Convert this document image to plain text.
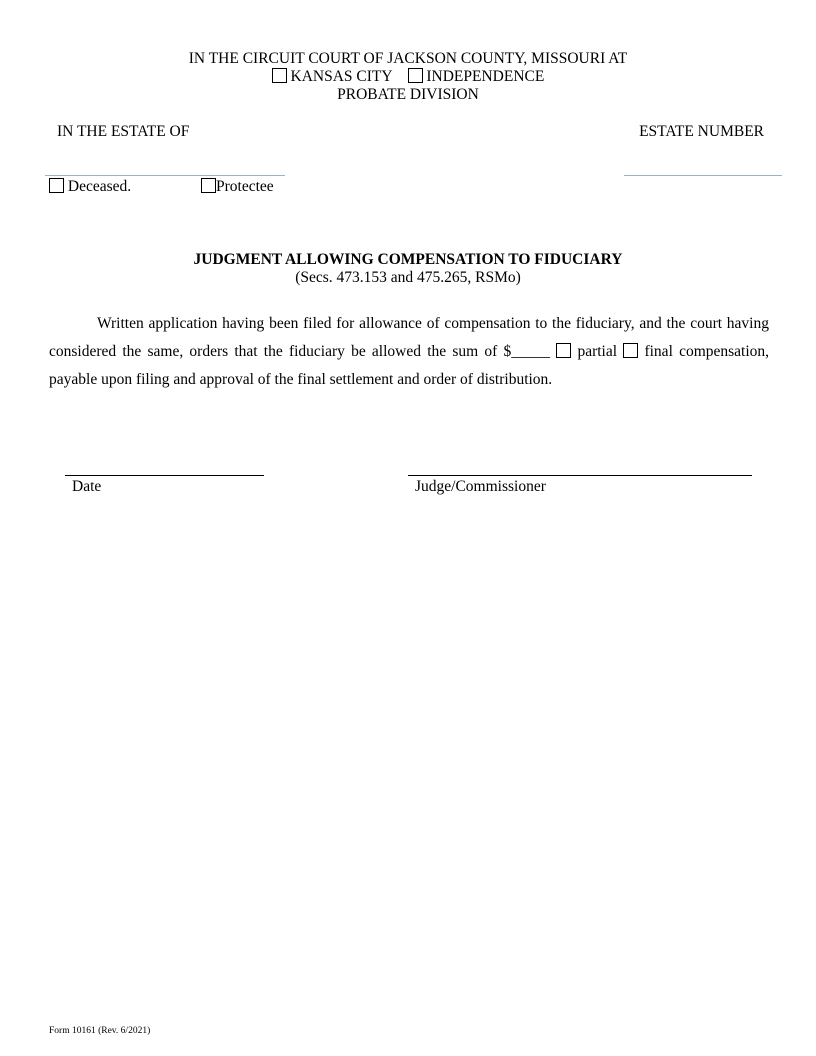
IN THE CIRCUIT COURT OF JACKSON COUNTY, MISSOURI AT
KANSAS CITY INDEPENDENCE
PROBATE DIVISION
IN THE ESTATE OF	ESTATE NUMBER
Deceased.	Protectee
JUDGMENT ALLOWING COMPENSATION TO FIDUCIARY
(Secs. 473.153 and 475.265, RSMo)
Written application having been filed for allowance of compensation to the fiduciary, and the court having considered the same, orders that the fiduciary be allowed the sum of $_____ partial final compensation, payable upon filing and approval of the final settlement and order of distribution.
Date	Judge/Commissioner
Form 10161 (Rev. 6/2021)
